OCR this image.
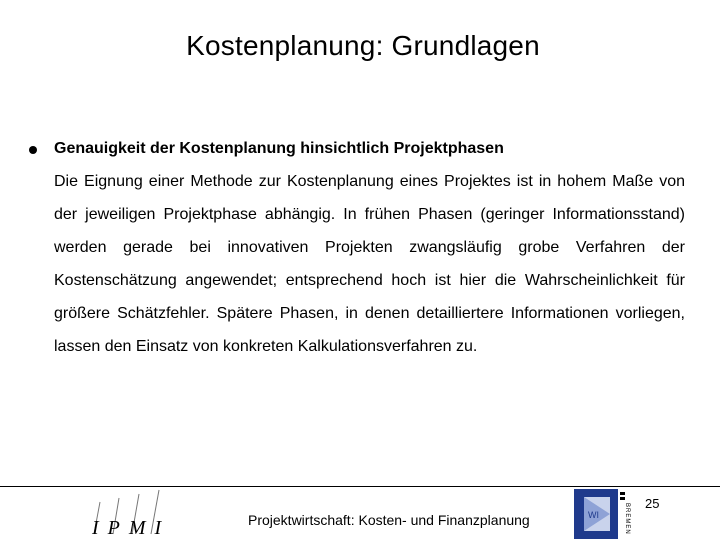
Kostenplanung: Grundlagen
Genauigkeit der Kostenplanung hinsichtlich Projektphasen
Die Eignung einer Methode zur Kostenplanung eines Projektes ist in hohem Maße von der jeweiligen Projektphase abhängig. In frühen Phasen (geringer Informationsstand) werden gerade bei innovativen Projekten zwangsläufig grobe Verfahren der Kostenschätzung angewendet; entsprechend hoch ist hier die Wahrscheinlichkeit für größere Schätzfehler. Spätere Phasen, in denen detailliertere Informationen vorliegen, lassen den Einsatz von konkreten Kalkulationsverfahren zu.
IPMI	Projektwirtschaft: Kosten- und Finanzplanung	WI	BREMEN 25
